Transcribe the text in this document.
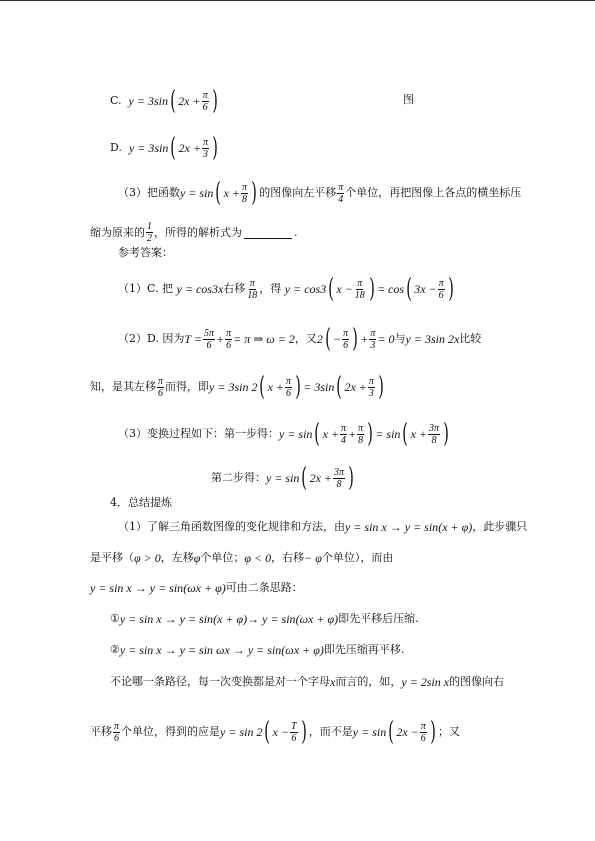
C.
y = 3sin ( $2x + \frac{\pi}{6}$
)	图
D.
y = 3sin ( $2x + \frac{\pi}{3}$
)
（3）把函数 y = sin ( $x + \frac{\pi}{8}$
) 的图像向左平移 $\frac{\pi}{4}$ 个单位，再把图像上各点的横坐标压
缩为原来的 $\frac{1}{2}$ ，所得的解析式为	.
参考答案：
（1）C. 把
y = cos3x 右移 $\frac{\pi}{18}$ ，得
y = cos3 ( $x - \frac{\pi}{18}$
) = cos ( $3x - \frac{\pi}{6}$
)
（2）D. 因为 $T = \frac{5\pi}{6} + \frac{\pi}{6} = \pi$ ⇒ ω = 2 ，又 2 ( − $\frac{\pi}{6}$
) + $\frac{\pi}{3} = 0$ 与 y = 3sin 2x 比较
知，是其左移 $\frac{\pi}{6}$ 而得，即 y = 3sin 2 ( $x + \frac{\pi}{6}$
) = 3sin ( $2x + \frac{\pi}{3}$
)
（3）变换过程如下：第一步得： y = sin ( $x + \frac{\pi}{4} + \frac{\pi}{8}$
) = sin ( $x + \frac{3\pi}{8}$
)
第二步得： y = sin ( $2x + \frac{3\pi}{8}$
)
4．总结提炼
（1）了解三角函数图像的变化规律和方法，由 y = sin x → y = sin (x + φ) ，此步骤只
是平移（ φ > 0 ，左移 φ 个单位； φ < 0 ，右移 − φ 个单位），而由
y = sin x → y = sin (ωx + φ) 可由二条思路：
① y = sin x → y = sin (x + φ) → y = sin (ωx + φ) 即先平移后压缩.
② y = sin x → y = sin ωx → y = sin (ωx + φ) 即先压缩再平移.
不论哪一条路径，每一次变换都是对一个字母 x 而言的，如， y = 2sin x 的图像向右
平移 $\frac{\pi}{6}$ 个单位，得到的应是 y = sin 2 ( $x - \frac{T}{6}$
) ，而不是 y = sin ( $2x - \frac{\pi}{6}$
) ；又
